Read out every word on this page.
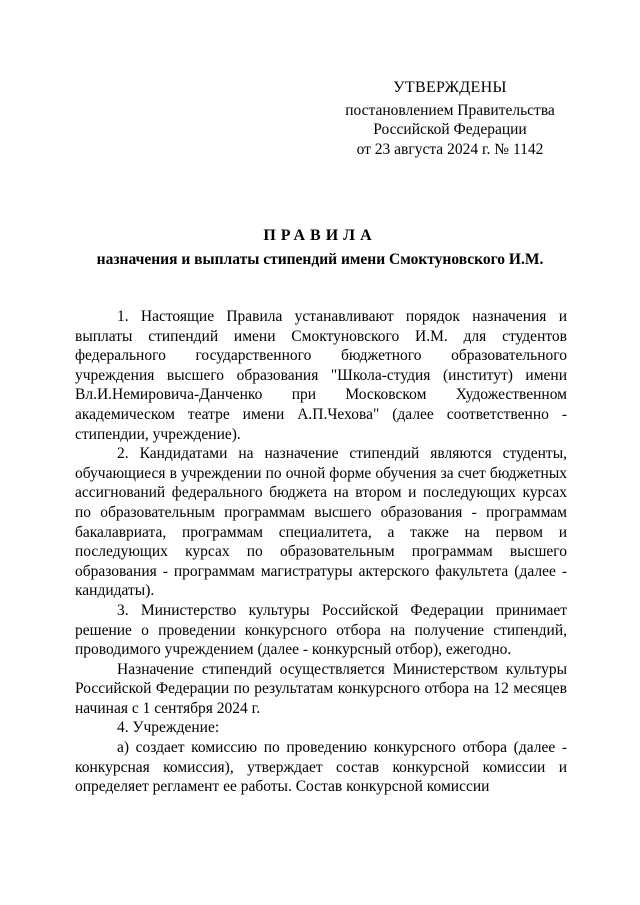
УТВЕРЖДЕНЫ
постановлением Правительства
Российской Федерации
от 23 августа 2024 г. № 1142
ПРАВИЛА
назначения и выплаты стипендий имени Смоктуновского И.М.

1. Настоящие Правила устанавливают порядок назначения и выплаты стипендий имени Смоктуновского И.М. для студентов федерального государственного бюджетного образовательного учреждения высшего образования "Школа-студия (институт) имени Вл.И.Немировича-Данченко при Московском Художественном академическом театре имени А.П.Чехова" (далее соответственно - стипендии, учреждение).

2. Кандидатами на назначение стипендий являются студенты, обучающиеся в учреждении по очной форме обучения за счет бюджетных ассигнований федерального бюджета на втором и последующих курсах по образовательным программам высшего образования - программам бакалавриата, программам специалитета, а также на первом и последующих курсах по образовательным программам высшего образования - программам магистратуры актерского факультета (далее - кандидаты).

3. Министерство культуры Российской Федерации принимает решение о проведении конкурсного отбора на получение стипендий, проводимого учреждением (далее - конкурсный отбор), ежегодно.

Назначение стипендий осуществляется Министерством культуры Российской Федерации по результатам конкурсного отбора на 12 месяцев начиная с 1 сентября 2024 г.

4. Учреждение:

а) создает комиссию по проведению конкурсного отбора (далее - конкурсная комиссия), утверждает состав конкурсной комиссии и определяет регламент ее работы. Состав конкурсной комиссии
